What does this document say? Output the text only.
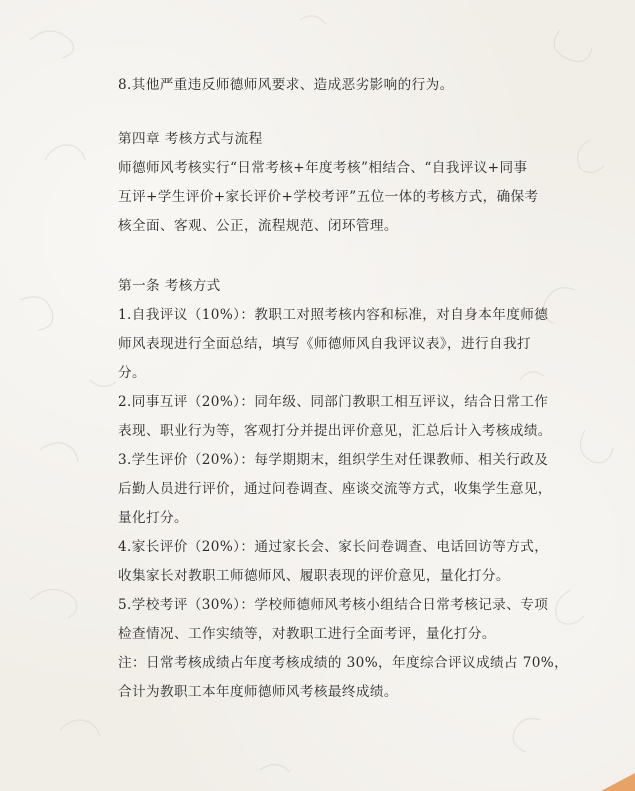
8.其他严重违反师德师风要求、造成恶劣影响的行为。
第四章 考核方式与流程
师德师风考核实行“日常考核+年度考核”相结合、“自我评议+同事
互评+学生评价+家长评价+学校考评”五位一体的考核方式，确保考
核全面、客观、公正，流程规范、闭环管理。
第一条 考核方式
1.自我评议（10%）：教职工对照考核内容和标准，对自身本年度师德
师风表现进行全面总结，填写《师德师风自我评议表》，进行自我打
分。
2.同事互评（20%）：同年级、同部门教职工相互评议，结合日常工作
表现、职业行为等，客观打分并提出评价意见，汇总后计入考核成绩。
3.学生评价（20%）：每学期期末，组织学生对任课教师、相关行政及
后勤人员进行评价，通过问卷调查、座谈交流等方式，收集学生意见，
量化打分。
4.家长评价（20%）：通过家长会、家长问卷调查、电话回访等方式，
收集家长对教职工师德师风、履职表现的评价意见，量化打分。
5.学校考评（30%）：学校师德师风考核小组结合日常考核记录、专项
检查情况、工作实绩等，对教职工进行全面考评，量化打分。
注：日常考核成绩占年度考核成绩的 30%，年度综合评议成绩占 70%，
合计为教职工本年度师德师风考核最终成绩。
